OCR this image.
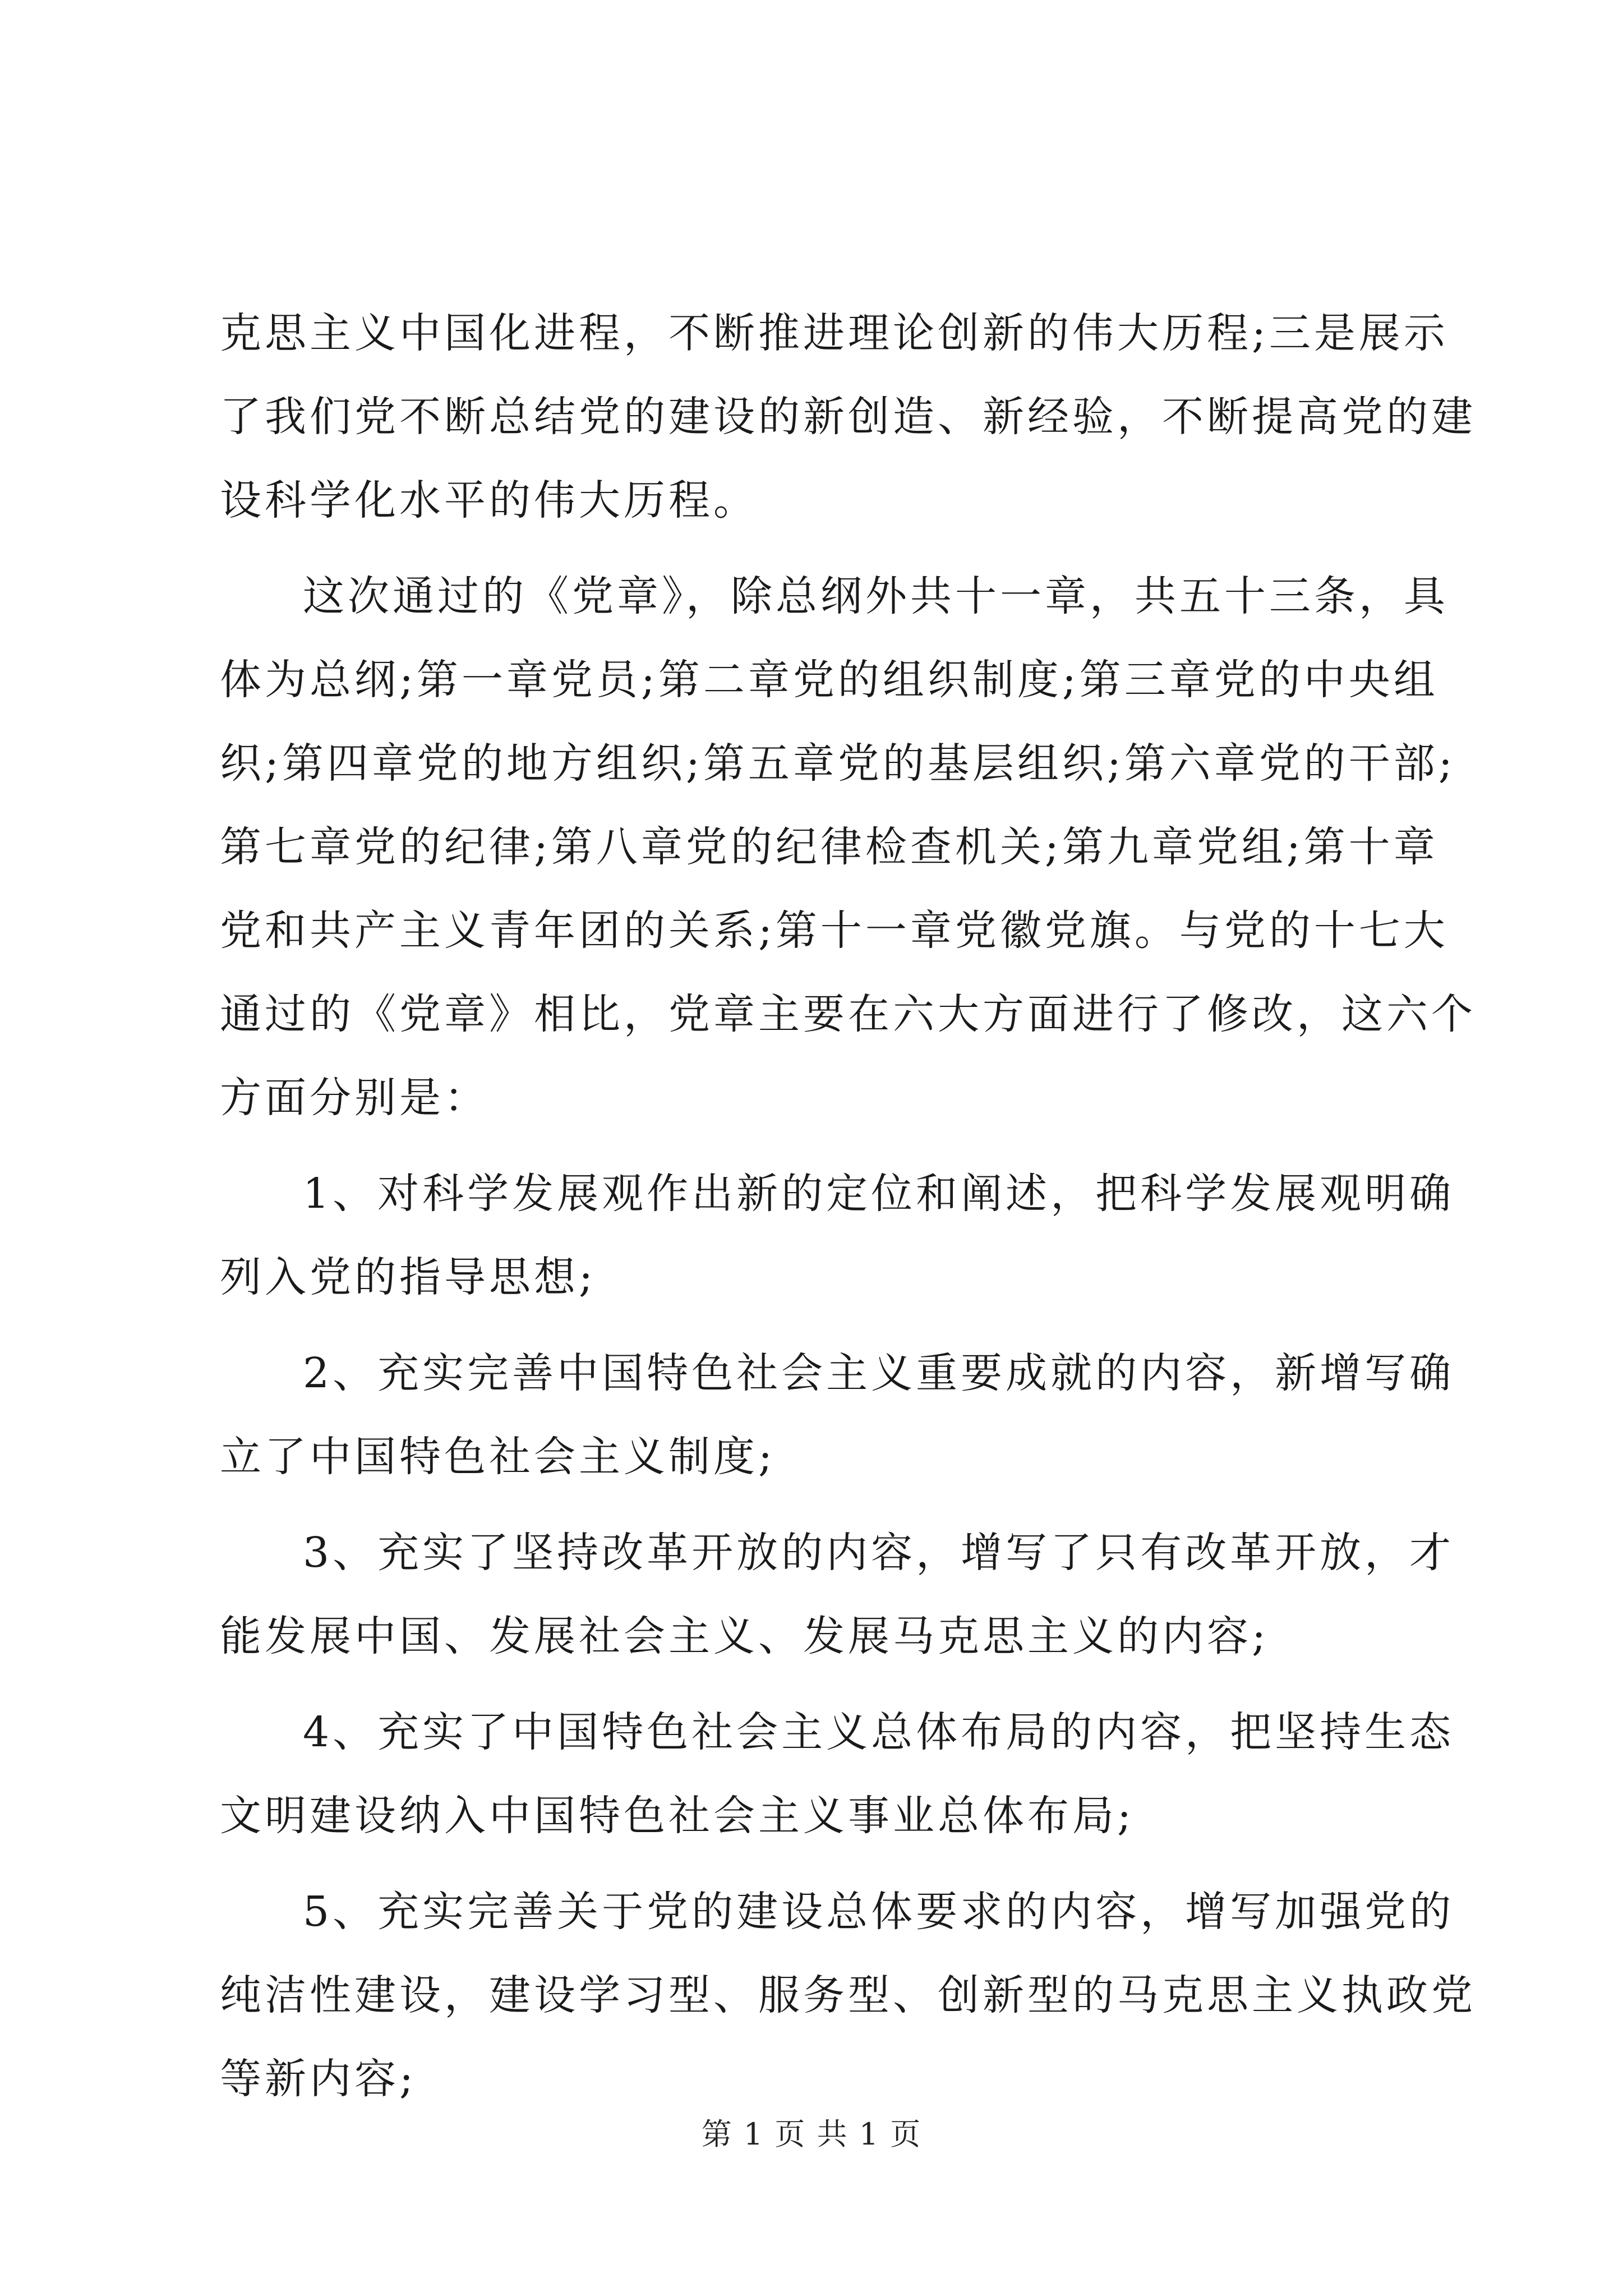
克思主义中国化进程，不断推进理论创新的伟大历程;三是展示
了我们党不断总结党的建设的新创造、新经验，不断提高党的建
设科学化水平的伟大历程。

这次通过的《党章》，除总纲外共十一章，共五十三条，具
体为总纲;第一章党员;第二章党的组织制度;第三章党的中央组
织;第四章党的地方组织;第五章党的基层组织;第六章党的干部;
第七章党的纪律;第八章党的纪律检查机关;第九章党组;第十章
党和共产主义青年团的关系;第十一章党徽党旗。与党的十七大
通过的《党章》相比，党章主要在六大方面进行了修改，这六个
方面分别是：

1、对科学发展观作出新的定位和阐述，把科学发展观明确
列入党的指导思想;

2、充实完善中国特色社会主义重要成就的内容，新增写确
立了中国特色社会主义制度;

3、充实了坚持改革开放的内容，增写了只有改革开放，才
能发展中国、发展社会主义、发展马克思主义的内容;

4、充实了中国特色社会主义总体布局的内容，把坚持生态
文明建设纳入中国特色社会主义事业总体布局;

5、充实完善关于党的建设总体要求的内容，增写加强党的
纯洁性建设，建设学习型、服务型、创新型的马克思主义执政党
等新内容;

第 1 页 共 1 页
